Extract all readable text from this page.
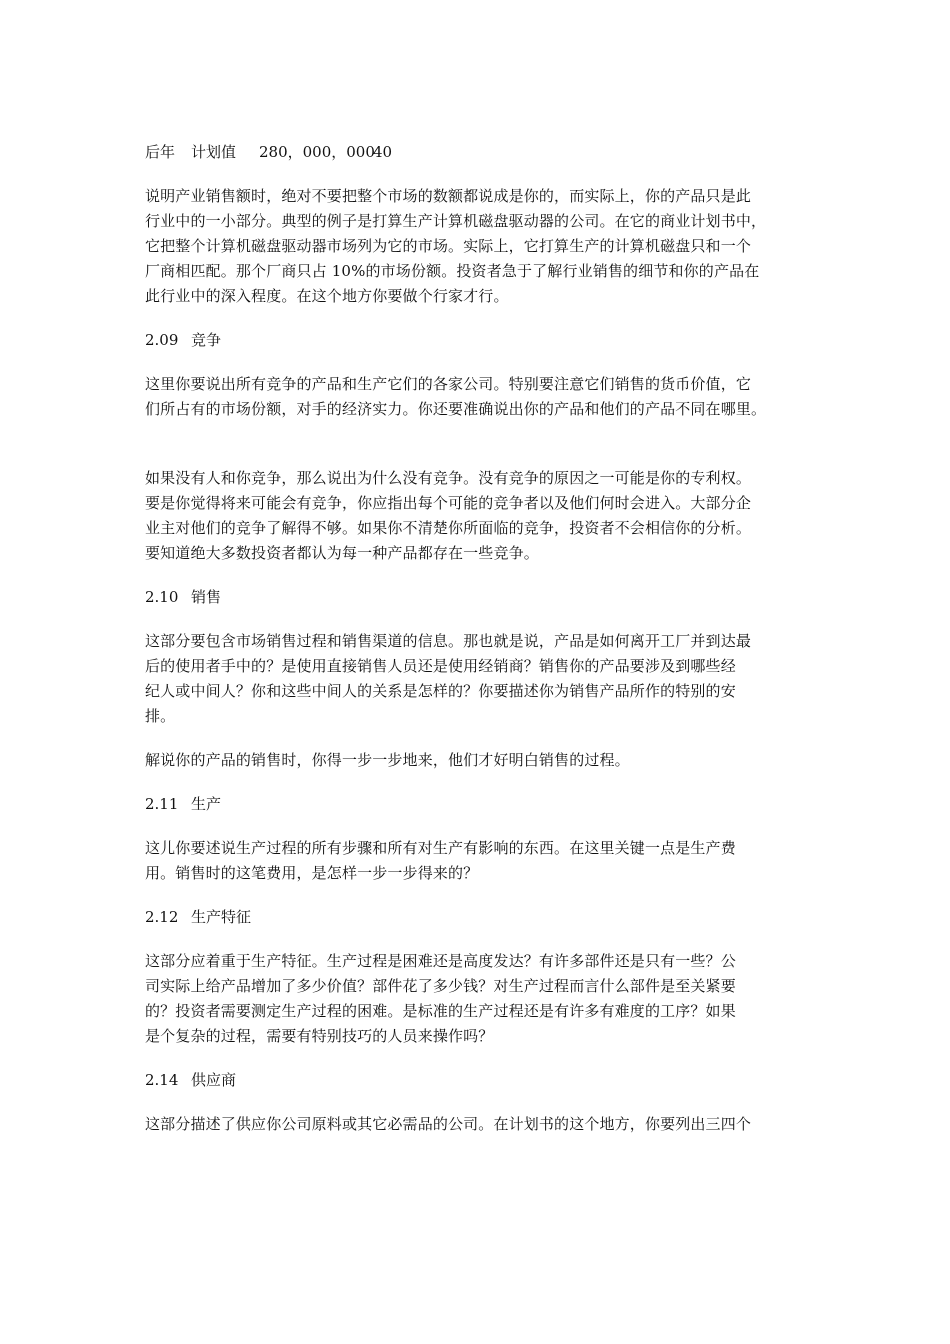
后年 计划值 280，000，00040
说明产业销售额时，绝对不要把整个市场的数额都说成是你的，而实际上，你的产品只是此
行业中的一小部分。典型的例子是打算生产计算机磁盘驱动器的公司。在它的商业计划书中，
它把整个计算机磁盘驱动器市场列为它的市场。实际上，它打算生产的计算机磁盘只和一个
厂商相匹配。那个厂商只占 10%的市场份额。投资者急于了解行业销售的细节和你的产品在
此行业中的深入程度。在这个地方你要做个行家才行。
2.09 竞争
这里你要说出所有竞争的产品和生产它们的各家公司。特别要注意它们销售的货币价值，它
们所占有的市场份额，对手的经济实力。你还要准确说出你的产品和他们的产品不同在哪里。
如果没有人和你竞争，那么说出为什么没有竞争。没有竞争的原因之一可能是你的专利权。
要是你觉得将来可能会有竞争，你应指出每个可能的竞争者以及他们何时会进入。大部分企
业主对他们的竞争了解得不够。如果你不清楚你所面临的竞争，投资者不会相信你的分析。
要知道绝大多数投资者都认为每一种产品都存在一些竞争。
2.10 销售
这部分要包含市场销售过程和销售渠道的信息。那也就是说，产品是如何离开工厂并到达最
后的使用者手中的？是使用直接销售人员还是使用经销商？销售你的产品要涉及到哪些经
纪人或中间人？你和这些中间人的关系是怎样的？你要描述你为销售产品所作的特别的安
排。
解说你的产品的销售时，你得一步一步地来，他们才好明白销售的过程。
2.11 生产
这儿你要述说生产过程的所有步骤和所有对生产有影响的东西。在这里关键一点是生产费
用。销售时的这笔费用，是怎样一步一步得来的？
2.12 生产特征
这部分应着重于生产特征。生产过程是困难还是高度发达？有许多部件还是只有一些？公
司实际上给产品增加了多少价值？部件花了多少钱？对生产过程而言什么部件是至关紧要
的？投资者需要测定生产过程的困难。是标准的生产过程还是有许多有难度的工序？如果
是个复杂的过程，需要有特别技巧的人员来操作吗？
2.14 供应商
这部分描述了供应你公司原料或其它必需品的公司。在计划书的这个地方，你要列出三四个
